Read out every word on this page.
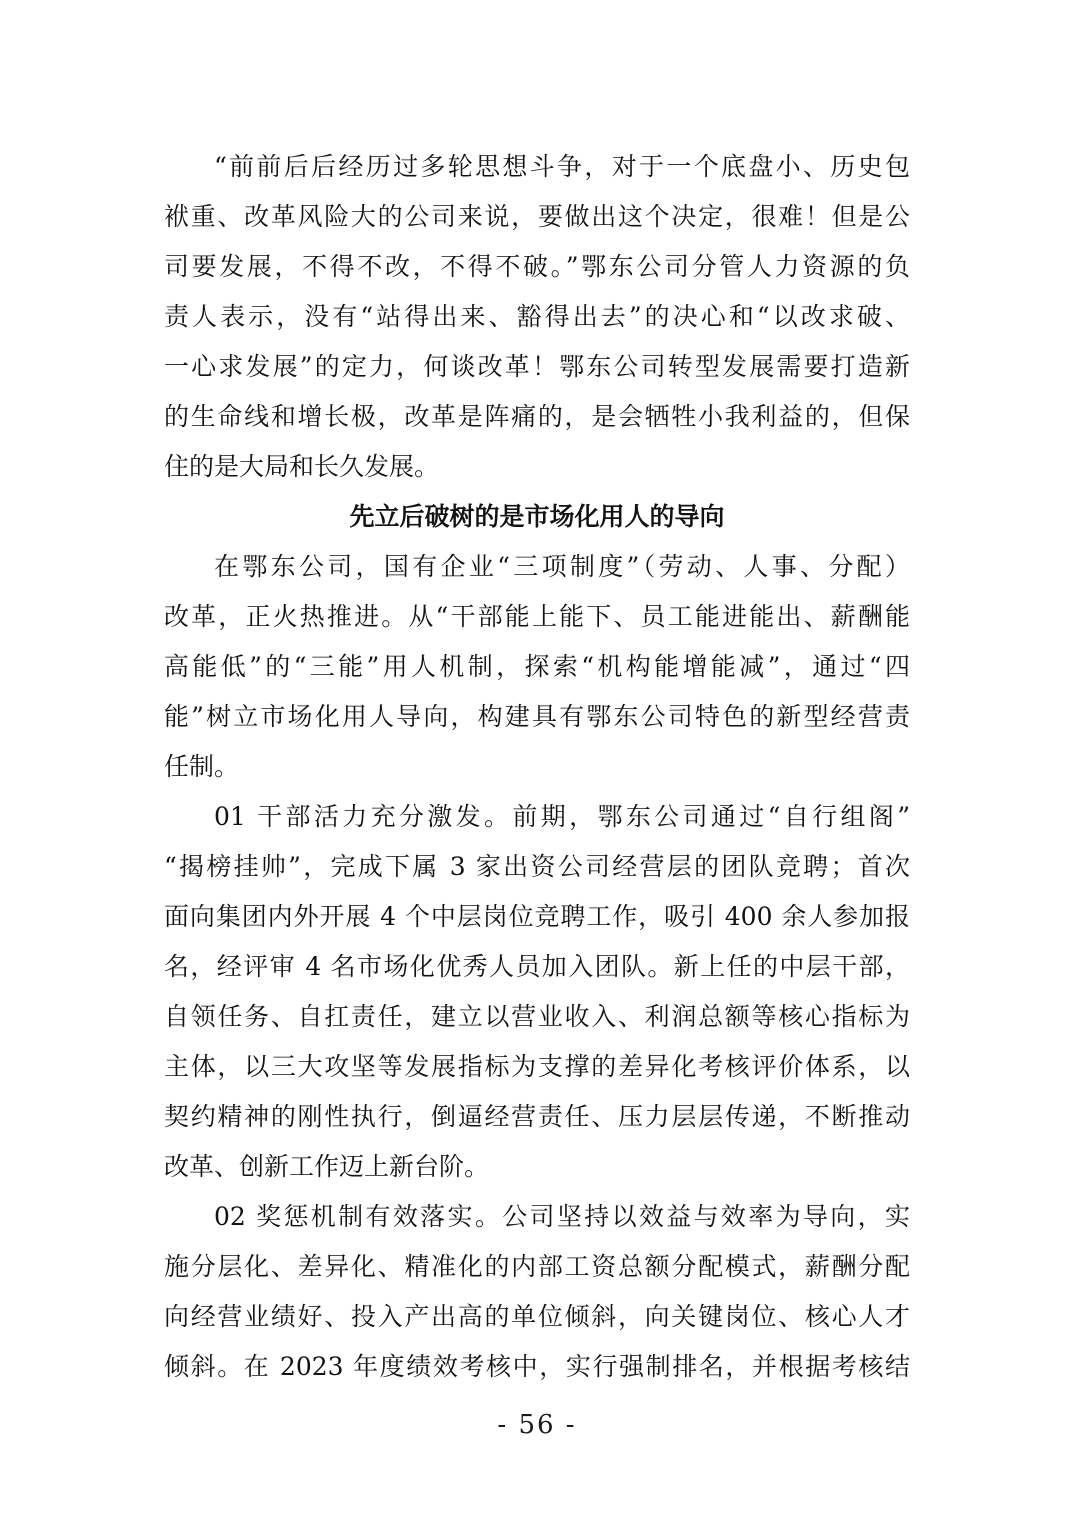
“前前后后经历过多轮思想斗争，对于一个底盘小、历史包
袱重、改革风险大的公司来说，要做出这个决定，很难！但是公
司要发展，不得不改，不得不破。”鄂东公司分管人力资源的负
责人表示，没有“站得出来、豁得出去”的决心和“以改求破、
一心求发展”的定力，何谈改革！鄂东公司转型发展需要打造新
的生命线和增长极，改革是阵痛的，是会牺牲小我利益的，但保
住的是大局和长久发展。
先立后破树的是市场化用人的导向
在鄂东公司，国有企业“三项制度”（劳动、人事、分配）
改革，正火热推进。从“干部能上能下、员工能进能出、薪酬能
高能低”的“三能”用人机制，探索“机构能增能减”，通过“四
能”树立市场化用人导向，构建具有鄂东公司特色的新型经营责
任制。
01 干部活力充分激发。前期，鄂东公司通过“自行组阁”
“揭榜挂帅”，完成下属 3 家出资公司经营层的团队竞聘；首次
面向集团内外开展 4 个中层岗位竞聘工作，吸引 400 余人参加报
名，经评审 4 名市场化优秀人员加入团队。新上任的中层干部，
自领任务、自扛责任，建立以营业收入、利润总额等核心指标为
主体，以三大攻坚等发展指标为支撑的差异化考核评价体系，以
契约精神的刚性执行，倒逼经营责任、压力层层传递，不断推动
改革、创新工作迈上新台阶。
02 奖惩机制有效落实。公司坚持以效益与效率为导向，实
施分层化、差异化、精准化的内部工资总额分配模式，薪酬分配
向经营业绩好、投入产出高的单位倾斜，向关键岗位、核心人才
倾斜。在 2023 年度绩效考核中，实行强制排名，并根据考核结
- 56 -
